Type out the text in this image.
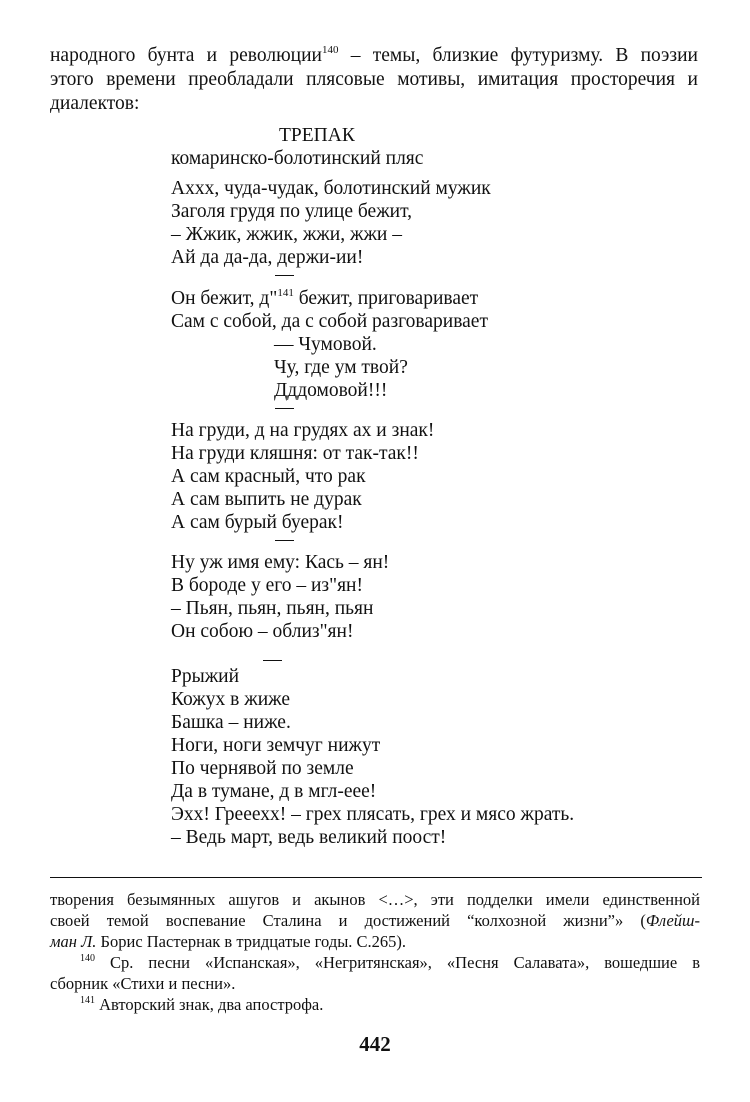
народного бунта и революции$^{140}$ – темы, близкие футуризму. В поэзии
этого времени преобладали плясовые мотивы, имитация просторечия и
диалектов:
ТРЕПАК
комаринско-болотинский пляс
Аххх, чуда-чудак, болотинский мужик
Заголя грудя по улице бежит,
– Жжик, жжик, жжи, жжи –
Ай да да-да, держи-ии!
Он бежит, д"$^{141}$ бежит, приговаривает
Сам с собой, да с собой разговаривает
— Чумовой.
Чу, где ум твой?
Дддомовой!!!
На груди, д на грудях ах и знак!
На груди кляшня: от так-так!!
А сам красный, что рак
А сам выпить не дурак
А сам бурый буерак!
Ну уж имя ему: Кась – ян!
В бороде у его – из"ян!
– Пьян, пьян, пьян, пьян
Он собою – облиз"ян!
Ррыжий
Кожух в жиже
Башка – ниже.
Ноги, ноги земчуг нижут
По чернявой по земле
Да в тумане, д в мгл-еее!
Эхх! Грееехх! – грех плясать, грех и мясо жрать.
– Ведь март, ведь великий поост!
творения безымянных ашугов и акынов <…>, эти подделки имели единственной
своей темой воспевание Сталина и достижений “колхозной жизни”» (Флейш-
ман Л. Борис Пастернак в тридцатые годы. С.265).
$^{140}$ Ср. песни «Испанская», «Негритянская», «Песня Салавата», вошедшие в
сборник «Стихи и песни».
$^{141}$ Авторский знак, два апострофа.
442
